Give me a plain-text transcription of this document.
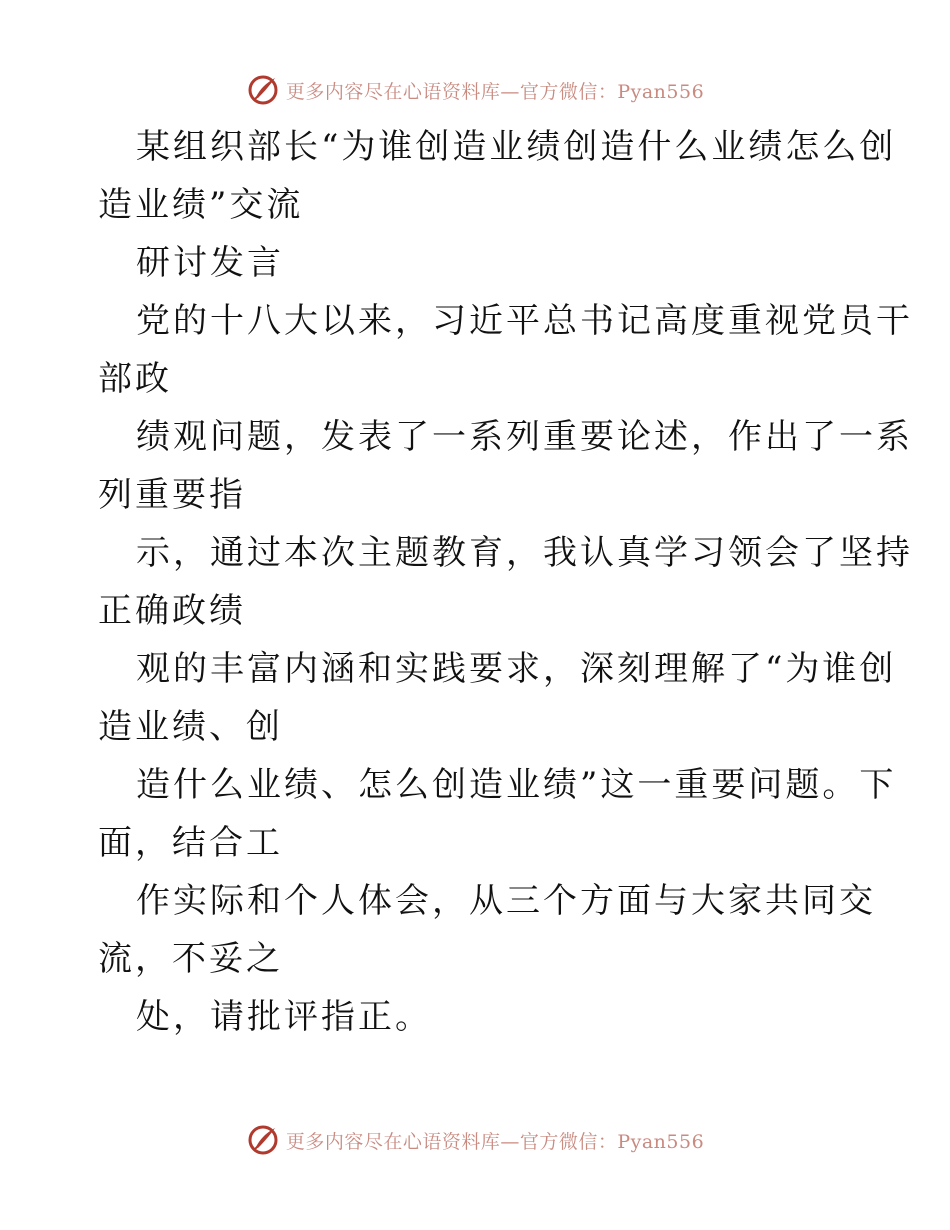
更多内容尽在心语资料库—官方微信：Pyan556
某组织部长“为谁创造业绩创造什么业绩怎么创
造业绩”交流
研讨发言
党的十八大以来，习近平总书记高度重视党员干
部政
绩观问题，发表了一系列重要论述，作出了一系
列重要指
示，通过本次主题教育，我认真学习领会了坚持
正确政绩
观的丰富内涵和实践要求，深刻理解了“为谁创
造业绩、创
造什么业绩、怎么创造业绩”这一重要问题。下
面，结合工
作实际和个人体会，从三个方面与大家共同交
流，不妥之
处，请批评指正。
更多内容尽在心语资料库—官方微信：Pyan556
